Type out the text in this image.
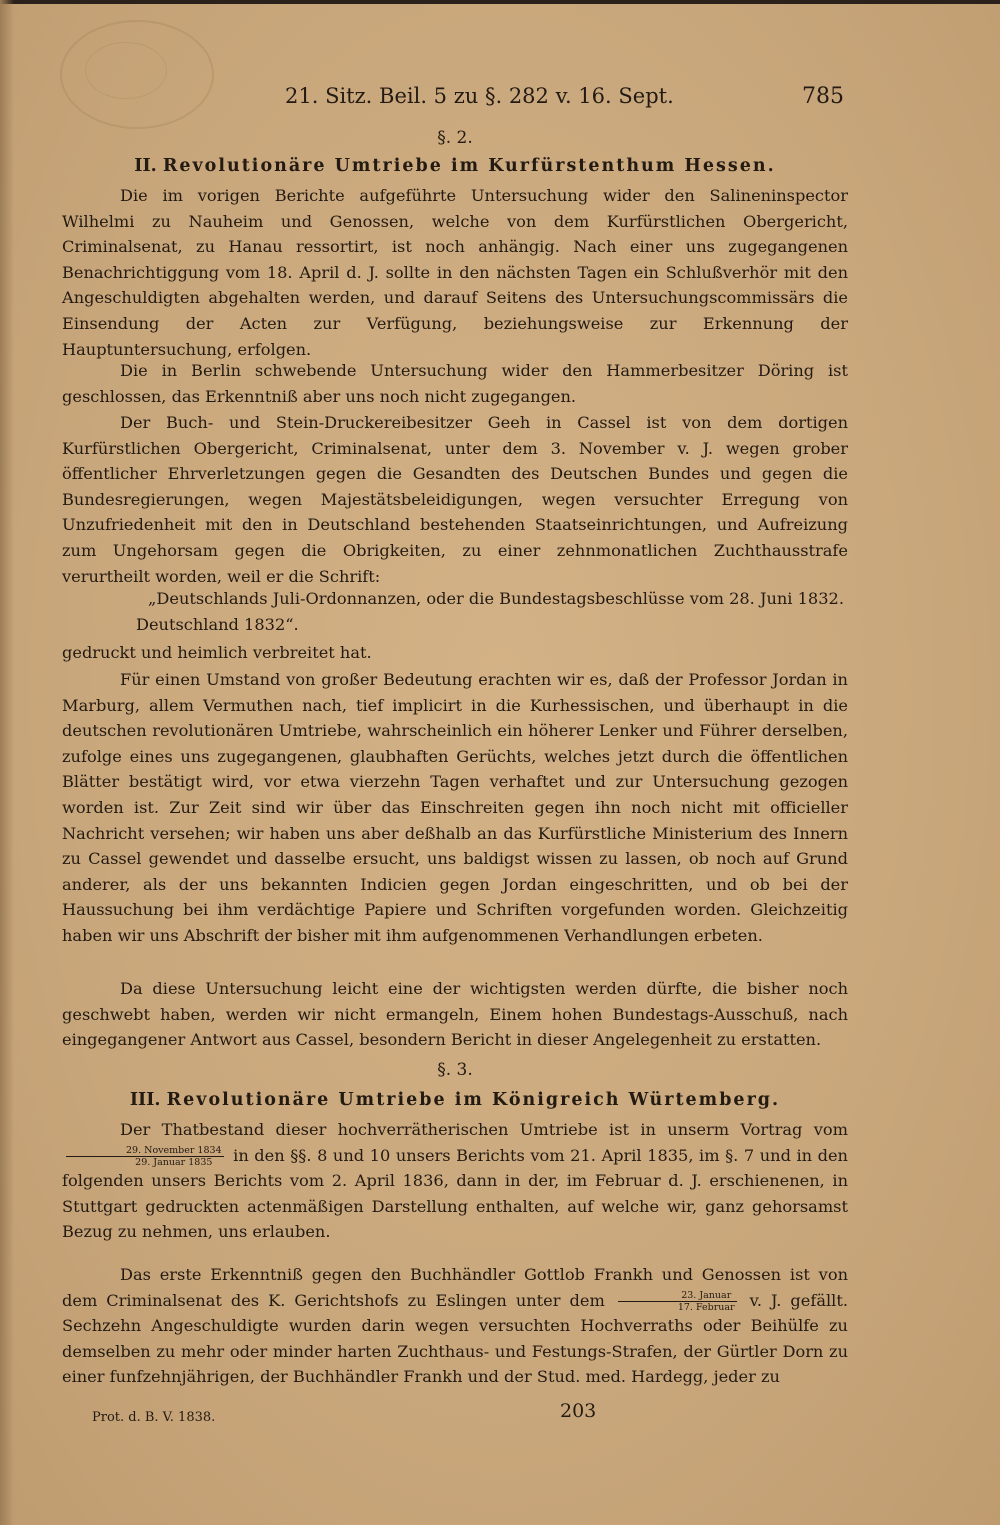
21. Sitz. Beil. 5 zu §. 282 v. 16. Sept.	785
§. 2.
II. Revolutionäre Umtriebe im Kurfürstenthum Hessen.
Die im vorigen Berichte aufgeführte Untersuchung wider den Salineninspector Wilhelmi zu Nauheim und Genossen, welche von dem Kurfürstlichen Obergericht, Criminalsenat, zu Hanau ressortirt, ist noch anhängig. Nach einer uns zugegangenen Benachrichtiggung vom 18. April d. J. sollte in den nächsten Tagen ein Schlußverhör mit den Angeschuldigten abgehalten werden, und darauf Seitens des Untersuchungscommissärs die Einsendung der Acten zur Verfügung, beziehungsweise zur Erkennung der Hauptuntersuchung, erfolgen.
Die in Berlin schwebende Untersuchung wider den Hammerbesitzer Döring ist geschlossen, das Erkenntniß aber uns noch nicht zugegangen.
Der Buch- und Stein-Druckereibesitzer Geeh in Cassel ist von dem dortigen Kurfürstlichen Obergericht, Criminalsenat, unter dem 3. November v. J. wegen grober öffentlicher Ehrverletzungen gegen die Gesandten des Deutschen Bundes und gegen die Bundesregierungen, wegen Majestätsbeleidigungen, wegen versuchter Erregung von Unzufriedenheit mit den in Deutschland bestehenden Staatseinrichtungen, und Aufreizung zum Ungehorsam gegen die Obrigkeiten, zu einer zehnmonatlichen Zuchthausstrafe verurtheilt worden, weil er die Schrift:
„Deutschlands Juli-Ordonnanzen, oder die Bundestagsbeschlüsse vom 28. Juni 1832.
Deutschland 1832“.
gedruckt und heimlich verbreitet hat.
Für einen Umstand von großer Bedeutung erachten wir es, daß der Professor Jordan in Marburg, allem Vermuthen nach, tief implicirt in die Kurhessischen, und überhaupt in die deutschen revolutionären Umtriebe, wahrscheinlich ein höherer Lenker und Führer derselben, zufolge eines uns zugegangenen, glaubhaften Gerüchts, welches jetzt durch die öffentlichen Blätter bestätigt wird, vor etwa vierzehn Tagen verhaftet und zur Untersuchung gezogen worden ist. Zur Zeit sind wir über das Einschreiten gegen ihn noch nicht mit officieller Nachricht versehen; wir haben uns aber deßhalb an das Kurfürstliche Ministerium des Innern zu Cassel gewendet und dasselbe ersucht, uns baldigst wissen zu lassen, ob noch auf Grund anderer, als der uns bekannten Indicien gegen Jordan eingeschritten, und ob bei der Haussuchung bei ihm verdächtige Papiere und Schriften vorgefunden worden. Gleichzeitig haben wir uns Abschrift der bisher mit ihm aufgenommenen Verhandlungen erbeten.
Da diese Untersuchung leicht eine der wichtigsten werden dürfte, die bisher noch geschwebt haben, werden wir nicht ermangeln, Einem hohen Bundestags-Ausschuß, nach eingegangener Antwort aus Cassel, besondern Bericht in dieser Angelegenheit zu erstatten.
§. 3.
III. Revolutionäre Umtriebe im Königreich Würtemberg.
Der Thatbestand dieser hochverrätherischen Umtriebe ist in unserm Vortrag vom
$\frac{\text{29. November 1834}}{\text{29. Januar 1835}}$ in den §§. 8 und 10 unsers Berichts vom 21. April 1835, im §. 7 und in den folgenden unsers Berichts vom 2. April 1836, dann in der, im Februar d. J. erschienenen, in Stuttgart gedruckten actenmäßigen Darstellung enthalten, auf welche wir, ganz gehorsamst Bezug zu nehmen, uns erlauben.
Das erste Erkenntniß gegen den Buchhändler Gottlob Frankh und Genossen ist von dem Criminalsenat des K. Gerichtshofs zu Eslingen unter dem $\frac{\text{23. Januar}}{\text{17. Februar}} v$. J. gefällt. Sechzehn Angeschuldigte wurden darin wegen versuchten Hochverraths oder Beihülfe zu demselben zu mehr oder minder harten Zuchthaus- und Festungs-Strafen, der Gürtler Dorn zu einer funfzehnjährigen, der Buchhändler Frankh und der Stud. med. Hardegg, jeder zu
Prot. d. B. V. 1838.	203
